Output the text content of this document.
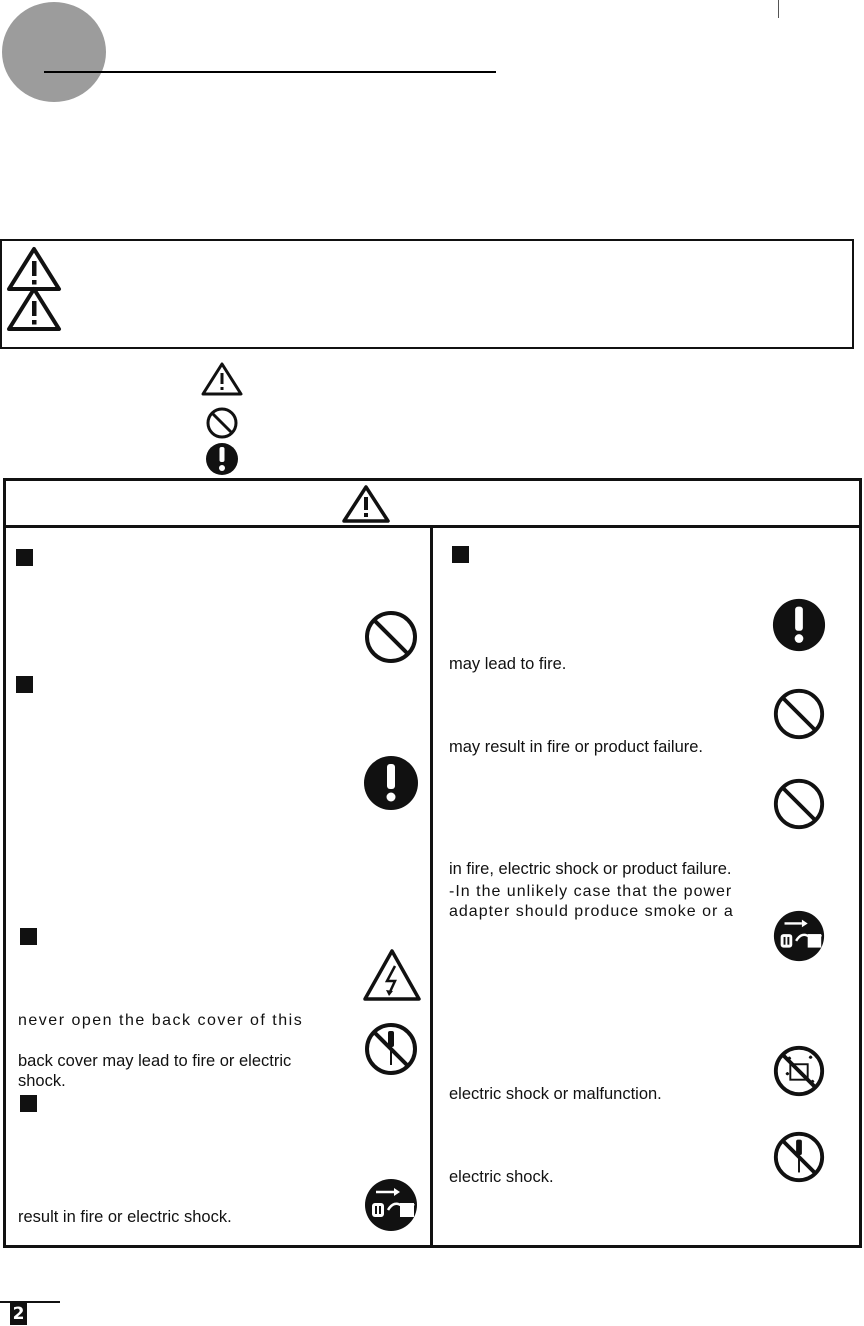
never open the back cover of this
back cover may lead to fire or electric
shock.
result in fire or electric shock.
may lead to fire.
may result in fire or product failure.
in fire, electric shock or product failure.
-In the unlikely case that the power
adapter should produce smoke or a
electric shock or malfunction.
electric shock.
2
